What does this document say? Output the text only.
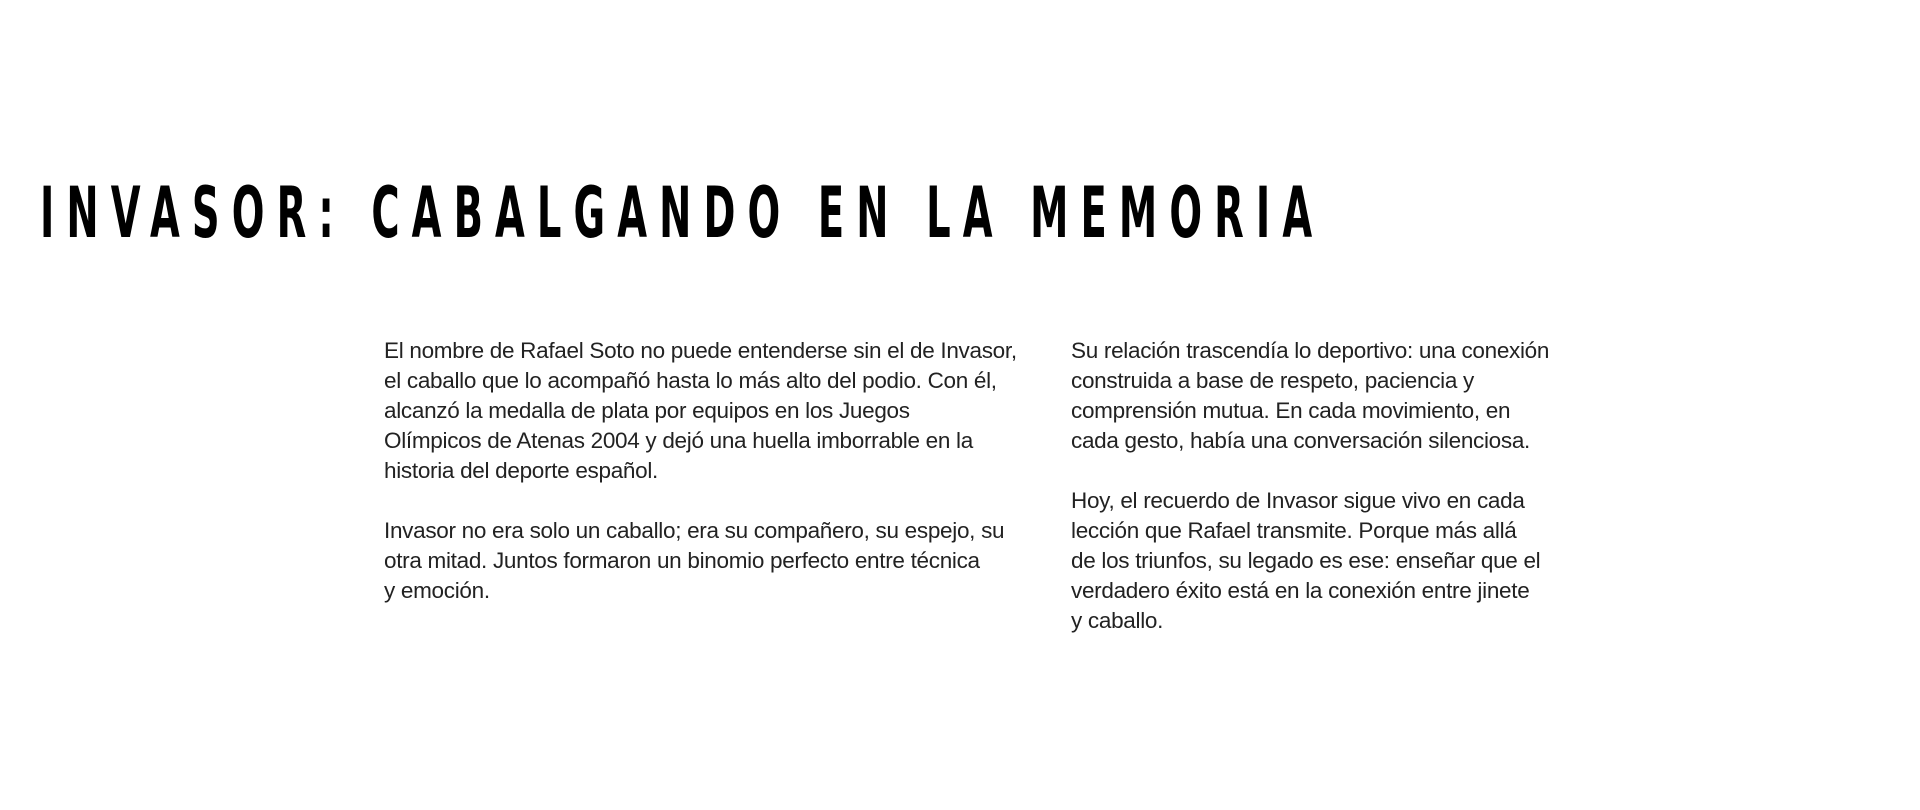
INVASOR: CABALGANDO EN LA MEMORIA

El nombre de Rafael Soto no puede entenderse sin el de Invasor,
el caballo que lo acompañó hasta lo más alto del podio. Con él,
alcanzó la medalla de plata por equipos en los Juegos
Olímpicos de Atenas 2004 y dejó una huella imborrable en la
historia del deporte español.

Invasor no era solo un caballo; era su compañero, su espejo, su
otra mitad. Juntos formaron un binomio perfecto entre técnica
y emoción.

Su relación trascendía lo deportivo: una conexión
construida a base de respeto, paciencia y
comprensión mutua. En cada movimiento, en
cada gesto, había una conversación silenciosa.

Hoy, el recuerdo de Invasor sigue vivo en cada
lección que Rafael transmite. Porque más allá
de los triunfos, su legado es ese: enseñar que el
verdadero éxito está en la conexión entre jinete
y caballo.
